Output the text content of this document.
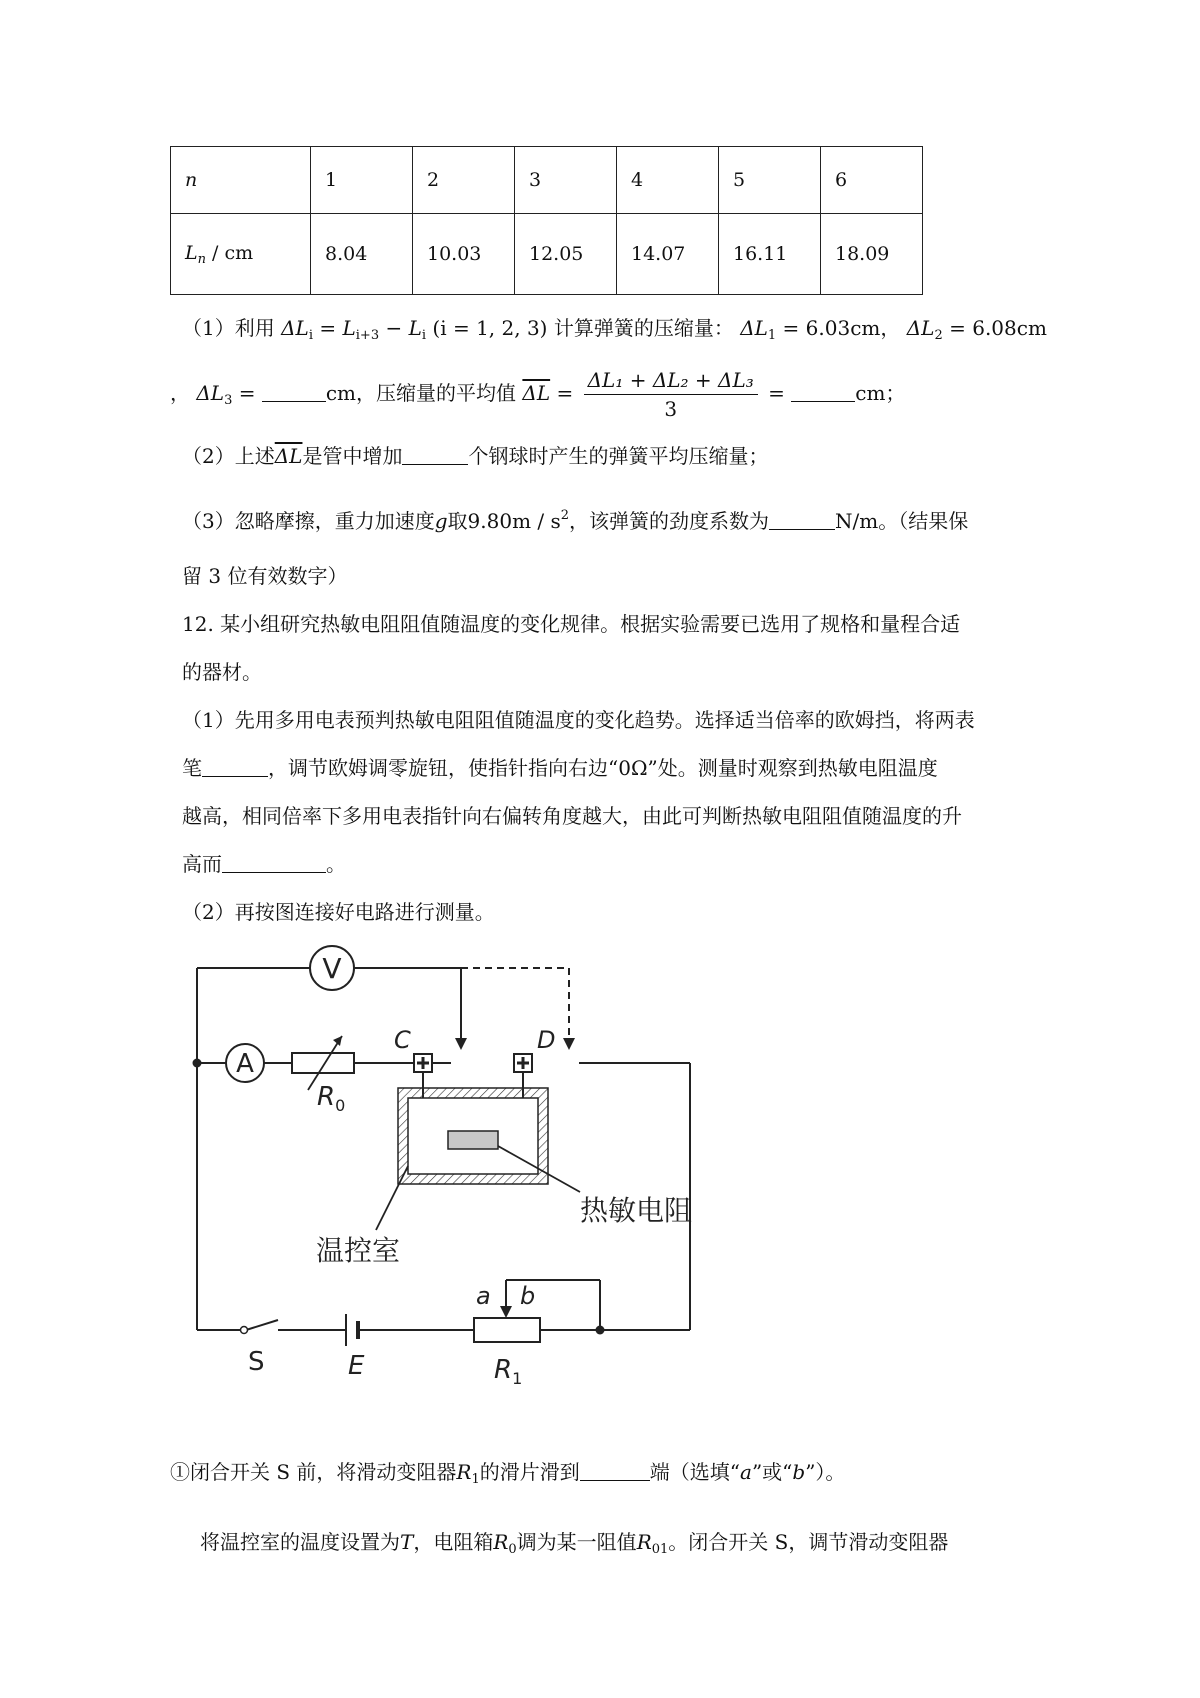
n	1	2	3	4	5	6
$L_n$ / cm	8.04	10.03	12.05	14.07	16.11	18.09
（1）利用 $\Delta L_i = L_{i+3} - L_i$ (i = 1, 2, 3) 计算弹簧的压缩量： $\Delta L_1 = 6.03cm$， $\Delta L_2 = 6.08cm$
， $\Delta L_3$ =	cm，压缩量的平均值 $\overline{\Delta L} = \frac{\text{ΔL₁ + ΔL₂ + ΔL₃}}{3}$ =	cm；
（2）上述$\overline{\Delta L}$是管中增加	个钢球时产生的弹簧平均压缩量；
（3）忽略摩擦，重力加速度g取$9.80m / s^2$，该弹簧的劲度系数为	N/m。（结果保
留 3 位有效数字）
12. 某小组研究热敏电阻阻值随温度的变化规律。根据实验需要已选用了规格和量程合适
的器材。
（1）先用多用电表预判热敏电阻阻值随温度的变化趋势。选择适当倍率的欧姆挡，将两表
笔	，调节欧姆调零旋钮，使指针指向右边“0Ω”处。测量时观察到热敏电阻温度
越高，相同倍率下多用电表指针向右偏转角度越大，由此可判断热敏电阻阻值随温度的升
高而	。
（2）再按图连接好电路进行测量。
V
A
$R_0$
C	D
热敏电阻
温控室
a b
$R_1$
S	E
①闭合开关 S 前，将滑动变阻器$R_1$的滑片滑到	端（选填“a”或“b”）。
将温控室的温度设置为T，电阻箱$R_0$调为某一阻值$R_{01}$。闭合开关 S，调节滑动变阻器
